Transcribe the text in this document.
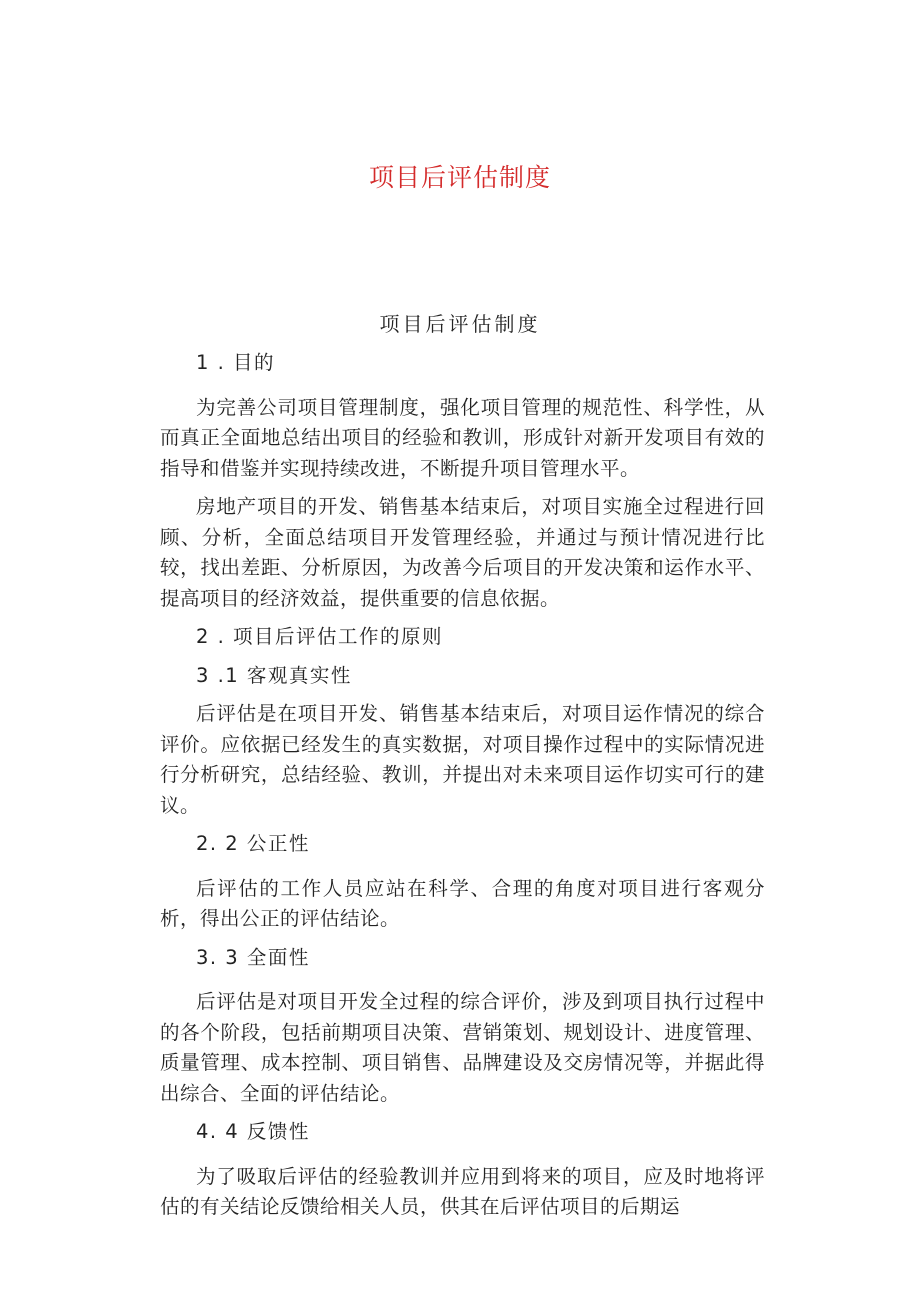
项目后评估制度
项目后评估制度
1 . 目的
为完善公司项目管理制度，强化项目管理的规范性、科学性，从而真正全面地总结出项目的经验和教训，形成针对新开发项目有效的指导和借鉴并实现持续改进，不断提升项目管理水平。
房地产项目的开发、销售基本结束后，对项目实施全过程进行回顾、分析，全面总结项目开发管理经验，并通过与预计情况进行比较，找出差距、分析原因，为改善今后项目的开发决策和运作水平、提高项目的经济效益，提供重要的信息依据。
2 . 项目后评估工作的原则
3 .1 客观真实性
后评估是在项目开发、销售基本结束后，对项目运作情况的综合评价。应依据已经发生的真实数据，对项目操作过程中的实际情况进行分析研究，总结经验、教训，并提出对未来项目运作切实可行的建议。
2. 2 公正性
后评估的工作人员应站在科学、合理的角度对项目进行客观分析，得出公正的评估结论。
3. 3 全面性
后评估是对项目开发全过程的综合评价，涉及到项目执行过程中的各个阶段，包括前期项目决策、营销策划、规划设计、进度管理、质量管理、成本控制、项目销售、品牌建设及交房情况等，并据此得出综合、全面的评估结论。
4. 4 反馈性
为了吸取后评估的经验教训并应用到将来的项目，应及时地将评估的有关结论反馈给相关人员，供其在后评估项目的后期运
